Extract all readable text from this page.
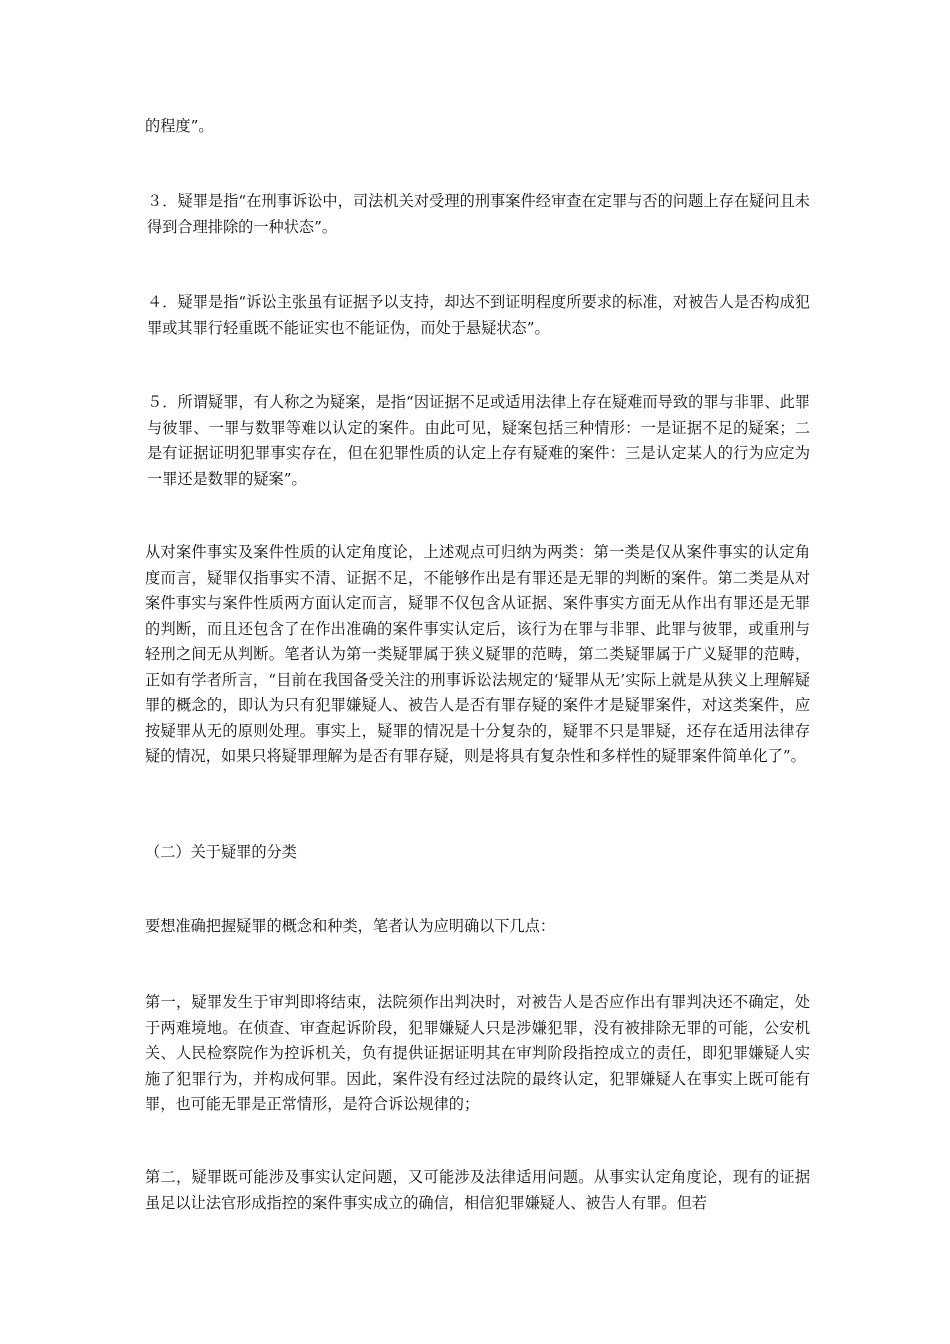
的程度”。

３．疑罪是指“在刑事诉讼中，司法机关对受理的刑事案件经审查在定罪与否的问题上存在疑问且未得到合理排除的一种状态”。

４．疑罪是指“诉讼主张虽有证据予以支持，却达不到证明程度所要求的标准，对被告人是否构成犯罪或其罪行轻重既不能证实也不能证伪，而处于悬疑状态”。

５．所谓疑罪，有人称之为疑案，是指“因证据不足或适用法律上存在疑难而导致的罪与非罪、此罪与彼罪、一罪与数罪等难以认定的案件。由此可见，疑案包括三种情形：一是证据不足的疑案；二是有证据证明犯罪事实存在，但在犯罪性质的认定上存有疑难的案件：三是认定某人的行为应定为一罪还是数罪的疑案”。

从对案件事实及案件性质的认定角度论，上述观点可归纳为两类：第一类是仅从案件事实的认定角度而言，疑罪仅指事实不清、证据不足，不能够作出是有罪还是无罪的判断的案件。第二类是从对案件事实与案件性质两方面认定而言，疑罪不仅包含从证据、案件事实方面无从作出有罪还是无罪的判断，而且还包含了在作出准确的案件事实认定后，该行为在罪与非罪、此罪与彼罪，或重刑与轻刑之间无从判断。笔者认为第一类疑罪属于狭义疑罪的范畴，第二类疑罪属于广义疑罪的范畴，正如有学者所言，“目前在我国备受关注的刑事诉讼法规定的‘疑罪从无’实际上就是从狭义上理解疑罪的概念的，即认为只有犯罪嫌疑人、被告人是否有罪存疑的案件才是疑罪案件，对这类案件，应按疑罪从无的原则处理。事实上，疑罪的情况是十分复杂的，疑罪不只是罪疑，还存在适用法律存疑的情况，如果只将疑罪理解为是否有罪存疑，则是将具有复杂性和多样性的疑罪案件简单化了”。

（二）关于疑罪的分类

要想准确把握疑罪的概念和种类，笔者认为应明确以下几点：

第一，疑罪发生于审判即将结束，法院须作出判决时，对被告人是否应作出有罪判决还不确定，处于两难境地。在侦查、审查起诉阶段，犯罪嫌疑人只是涉嫌犯罪，没有被排除无罪的可能，公安机关、人民检察院作为控诉机关，负有提供证据证明其在审判阶段指控成立的责任，即犯罪嫌疑人实施了犯罪行为，并构成何罪。因此，案件没有经过法院的最终认定，犯罪嫌疑人在事实上既可能有罪，也可能无罪是正常情形，是符合诉讼规律的；

第二，疑罪既可能涉及事实认定问题，又可能涉及法律适用问题。从事实认定角度论，现有的证据虽足以让法官形成指控的案件事实成立的确信，相信犯罪嫌疑人、被告人有罪。但若
